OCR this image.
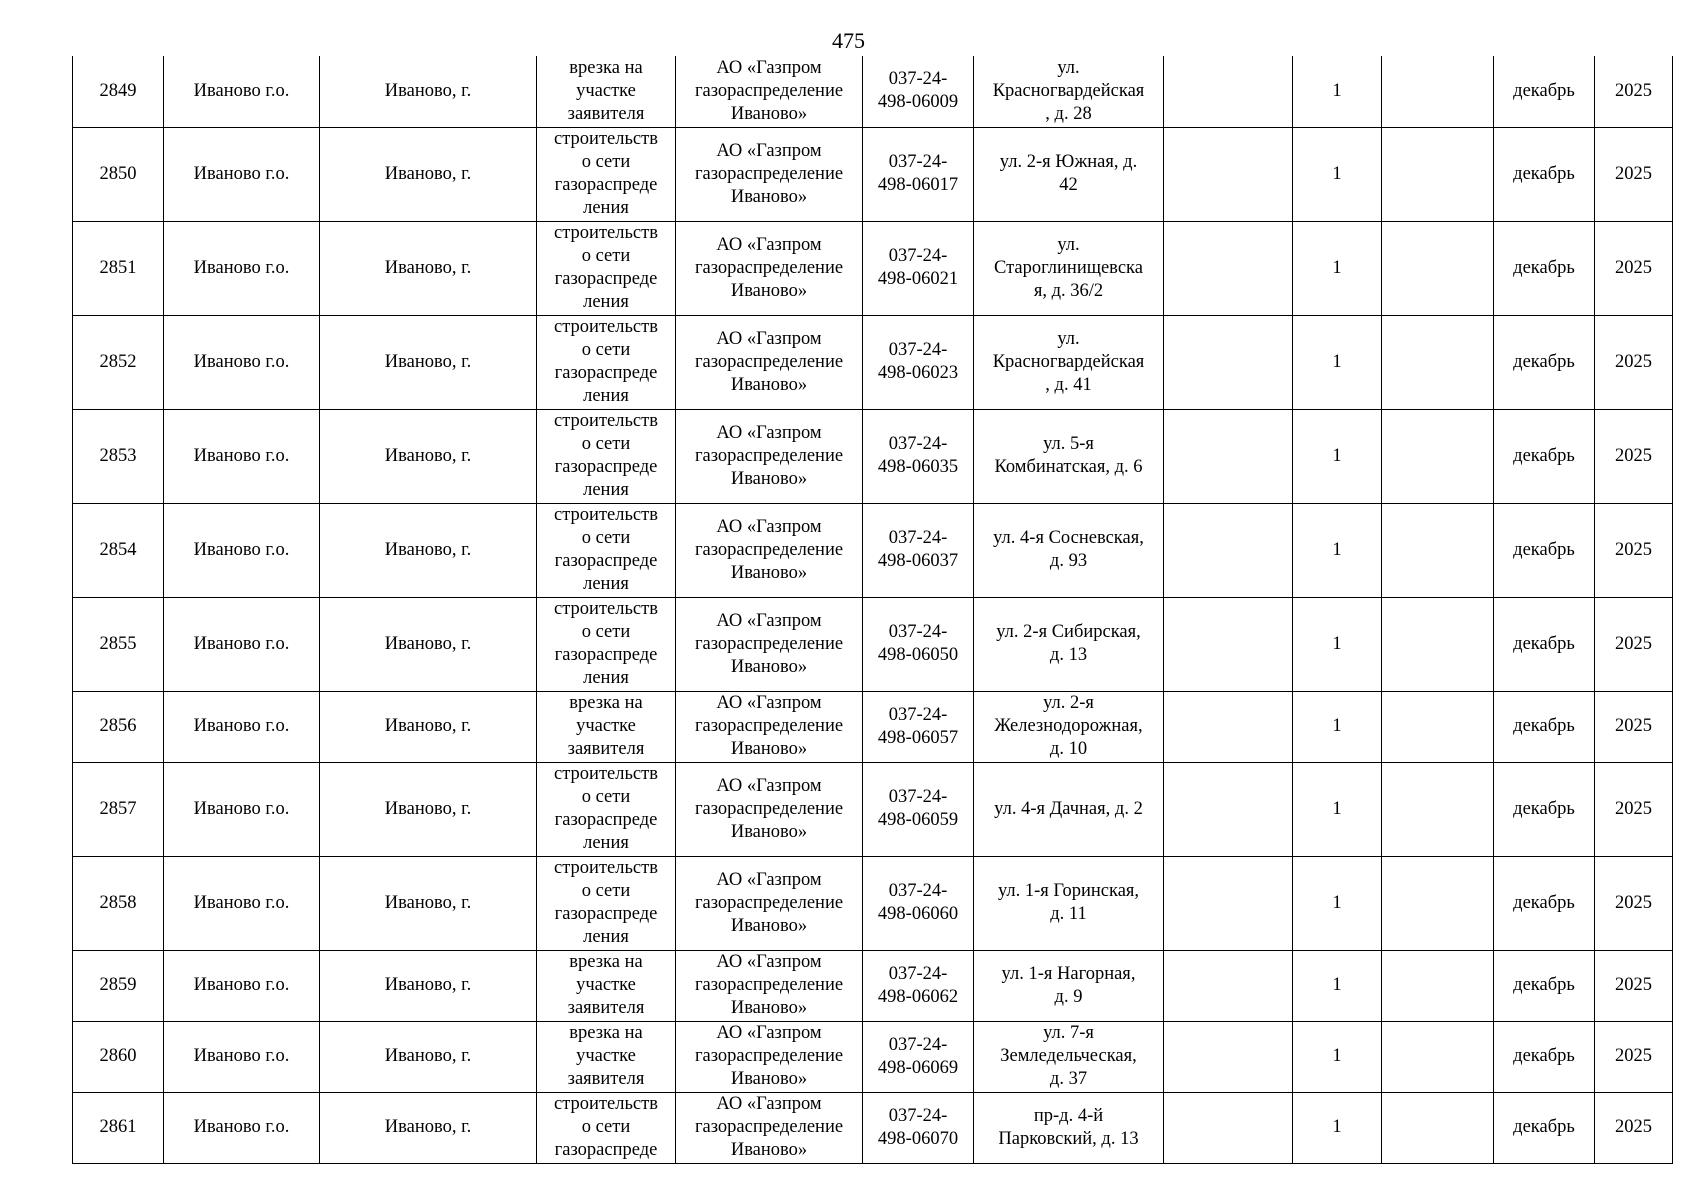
475
2849	Иваново г.о.	Иваново, г.	врезка на
участке
заявителя	АО «Газпром
газораспределение
Иваново»	037-24-
498-06009	ул.
Красногвардейская
, д. 28		1		декабрь	2025
2850	Иваново г.о.	Иваново, г.	строительств
о сети
газораспреде
ления	АО «Газпром
газораспределение
Иваново»	037-24-
498-06017	ул. 2-я Южная, д.
42		1		декабрь	2025
2851	Иваново г.о.	Иваново, г.	строительств
о сети
газораспреде
ления	АО «Газпром
газораспределение
Иваново»	037-24-
498-06021	ул.
Староглинищевска
я, д. 36/2		1		декабрь	2025
2852	Иваново г.о.	Иваново, г.	строительств
о сети
газораспреде
ления	АО «Газпром
газораспределение
Иваново»	037-24-
498-06023	ул.
Красногвардейская
, д. 41		1		декабрь	2025
2853	Иваново г.о.	Иваново, г.	строительств
о сети
газораспреде
ления	АО «Газпром
газораспределение
Иваново»	037-24-
498-06035	ул. 5-я
Комбинатская, д. 6		1		декабрь	2025
2854	Иваново г.о.	Иваново, г.	строительств
о сети
газораспреде
ления	АО «Газпром
газораспределение
Иваново»	037-24-
498-06037	ул. 4-я Сосневская,
д. 93		1		декабрь	2025
2855	Иваново г.о.	Иваново, г.	строительств
о сети
газораспреде
ления	АО «Газпром
газораспределение
Иваново»	037-24-
498-06050	ул. 2-я Сибирская,
д. 13		1		декабрь	2025
2856	Иваново г.о.	Иваново, г.	врезка на
участке
заявителя	АО «Газпром
газораспределение
Иваново»	037-24-
498-06057	ул. 2-я
Железнодорожная,
д. 10		1		декабрь	2025
2857	Иваново г.о.	Иваново, г.	строительств
о сети
газораспреде
ления	АО «Газпром
газораспределение
Иваново»	037-24-
498-06059	ул. 4-я Дачная, д. 2		1		декабрь	2025
2858	Иваново г.о.	Иваново, г.	строительств
о сети
газораспреде
ления	АО «Газпром
газораспределение
Иваново»	037-24-
498-06060	ул. 1-я Горинская,
д. 11		1		декабрь	2025
2859	Иваново г.о.	Иваново, г.	врезка на
участке
заявителя	АО «Газпром
газораспределение
Иваново»	037-24-
498-06062	ул. 1-я Нагорная,
д. 9		1		декабрь	2025
2860	Иваново г.о.	Иваново, г.	врезка на
участке
заявителя	АО «Газпром
газораспределение
Иваново»	037-24-
498-06069	ул. 7-я
Земледельческая,
д. 37		1		декабрь	2025
2861	Иваново г.о.	Иваново, г.	строительств
о сети
газораспреде	АО «Газпром
газораспределение
Иваново»	037-24-
498-06070	пр-д. 4-й
Парковский, д. 13		1		декабрь	2025
